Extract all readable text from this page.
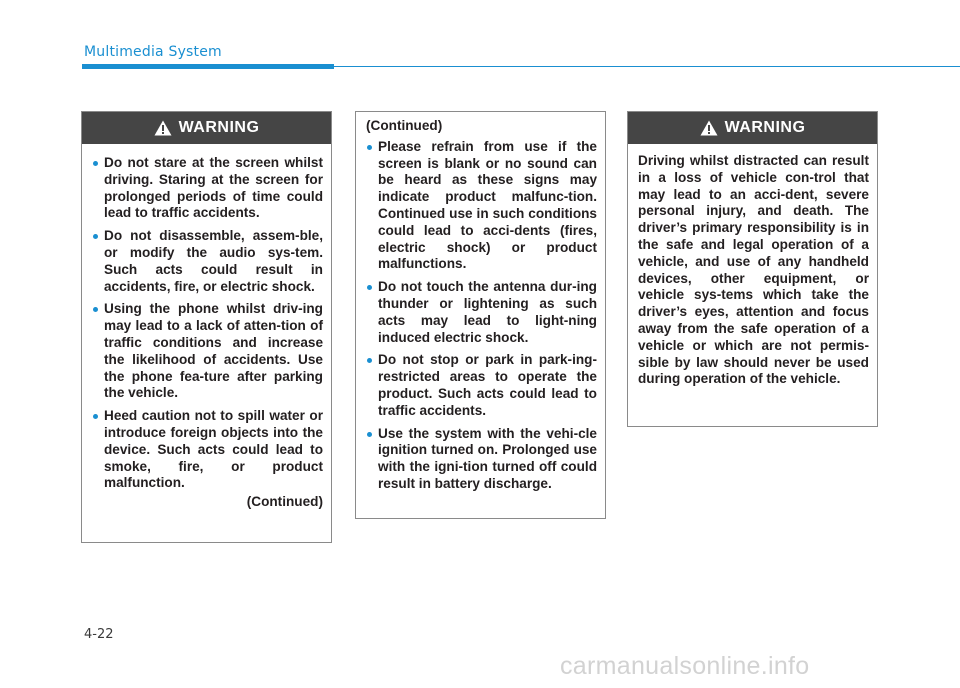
Multimedia System
WARNING
Do not stare at the screen whilst driving. Staring at the screen for prolonged periods of time could lead to traffic accidents.
Do not disassemble, assem-ble, or modify the audio sys-tem. Such acts could result in accidents, fire, or electric shock.
Using the phone whilst driv-ing may lead to a lack of atten-tion of traffic conditions and increase the likelihood of accidents. Use the phone fea-ture after parking the vehicle.
Heed caution not to spill water or introduce foreign objects into the device. Such acts could lead to smoke, fire, or product malfunction.
(Continued)
(Continued)
Please refrain from use if the screen is blank or no sound can be heard as these signs may indicate product malfunc-tion. Continued use in such conditions could lead to acci-dents (fires, electric shock) or product malfunctions.
Do not touch the antenna dur-ing thunder or lightening as such acts may lead to light-ning induced electric shock.
Do not stop or park in park-ing-restricted areas to operate the product. Such acts could lead to traffic accidents.
Use the system with the vehi-cle ignition turned on. Prolonged use with the igni-tion turned off could result in battery discharge.
WARNING
Driving whilst distracted can result in a loss of vehicle con-trol that may lead to an acci-dent, severe personal injury, and death. The driver’s primary responsibility is in the safe and legal operation of a vehicle, and use of any handheld devices, other equipment, or vehicle sys-tems which take the driver’s eyes, attention and focus away from the safe operation of a vehicle or which are not permis-sible by law should never be used during operation of the vehicle.
4-22
carmanualsonline.info
